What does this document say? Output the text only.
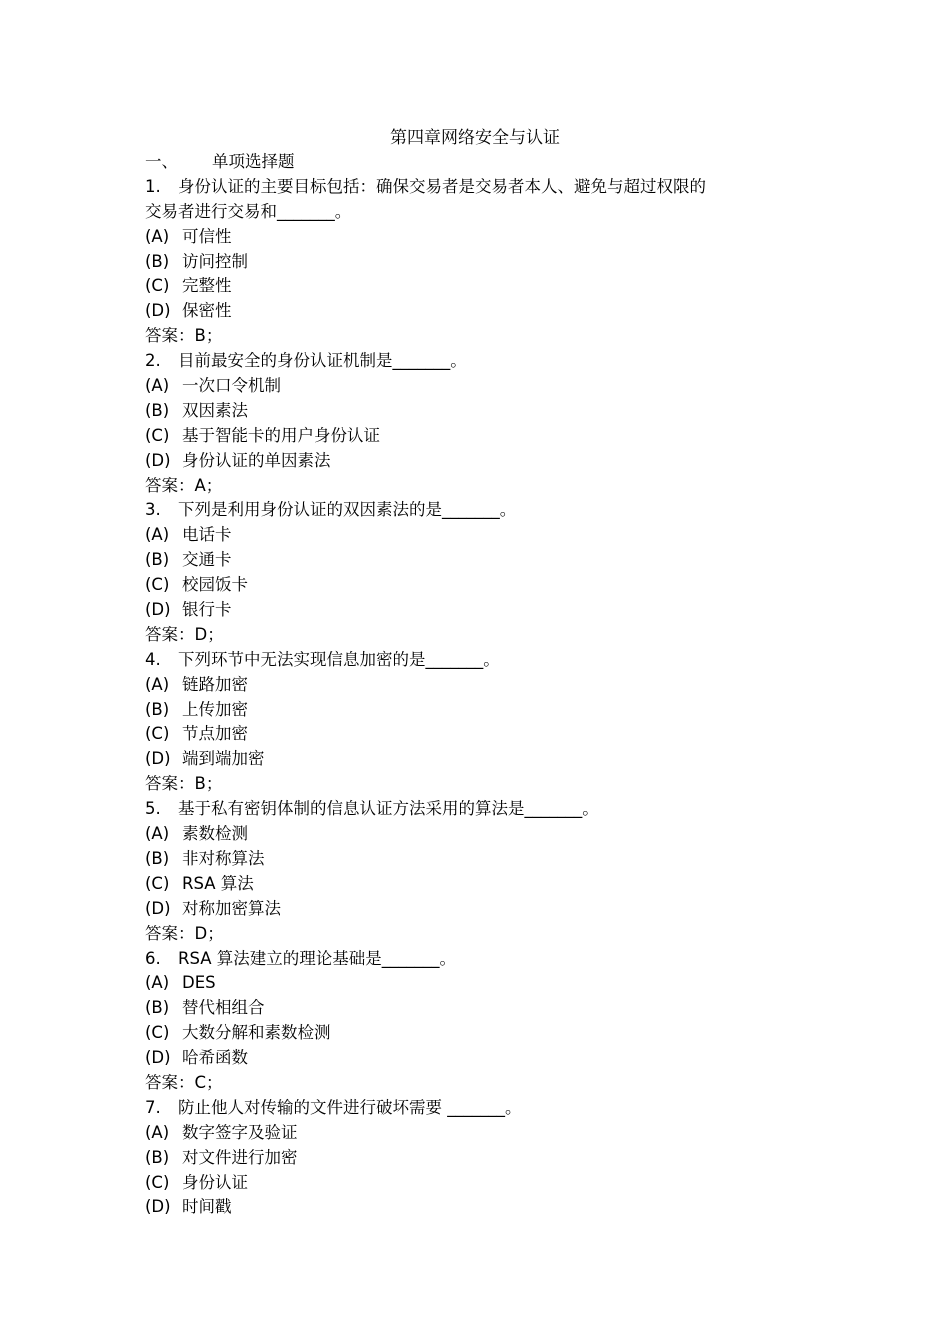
第四章网络安全与认证
一、	单项选择题
1. 身份认证的主要目标包括：确保交易者是交易者本人、避免与超过权限的
交易者进行交易和_______。
(A) 可信性
(B) 访问控制
(C) 完整性
(D) 保密性
答案：B；
2. 目前最安全的身份认证机制是_______。
(A) 一次口令机制
(B) 双因素法
(C) 基于智能卡的用户身份认证
(D) 身份认证的单因素法
答案：A；
3. 下列是利用身份认证的双因素法的是_______。
(A) 电话卡
(B) 交通卡
(C) 校园饭卡
(D) 银行卡
答案：D；
4. 下列环节中无法实现信息加密的是_______。
(A) 链路加密
(B) 上传加密
(C) 节点加密
(D) 端到端加密
答案：B；
5. 基于私有密钥体制的信息认证方法采用的算法是_______。
(A) 素数检测
(B) 非对称算法
(C) RSA 算法
(D) 对称加密算法
答案：D；
6. RSA 算法建立的理论基础是_______。
(A) DES
(B) 替代相组合
(C) 大数分解和素数检测
(D) 哈希函数
答案：C；
7. 防止他人对传输的文件进行破坏需要 _______。
(A) 数字签字及验证
(B) 对文件进行加密
(C) 身份认证
(D) 时间戳
